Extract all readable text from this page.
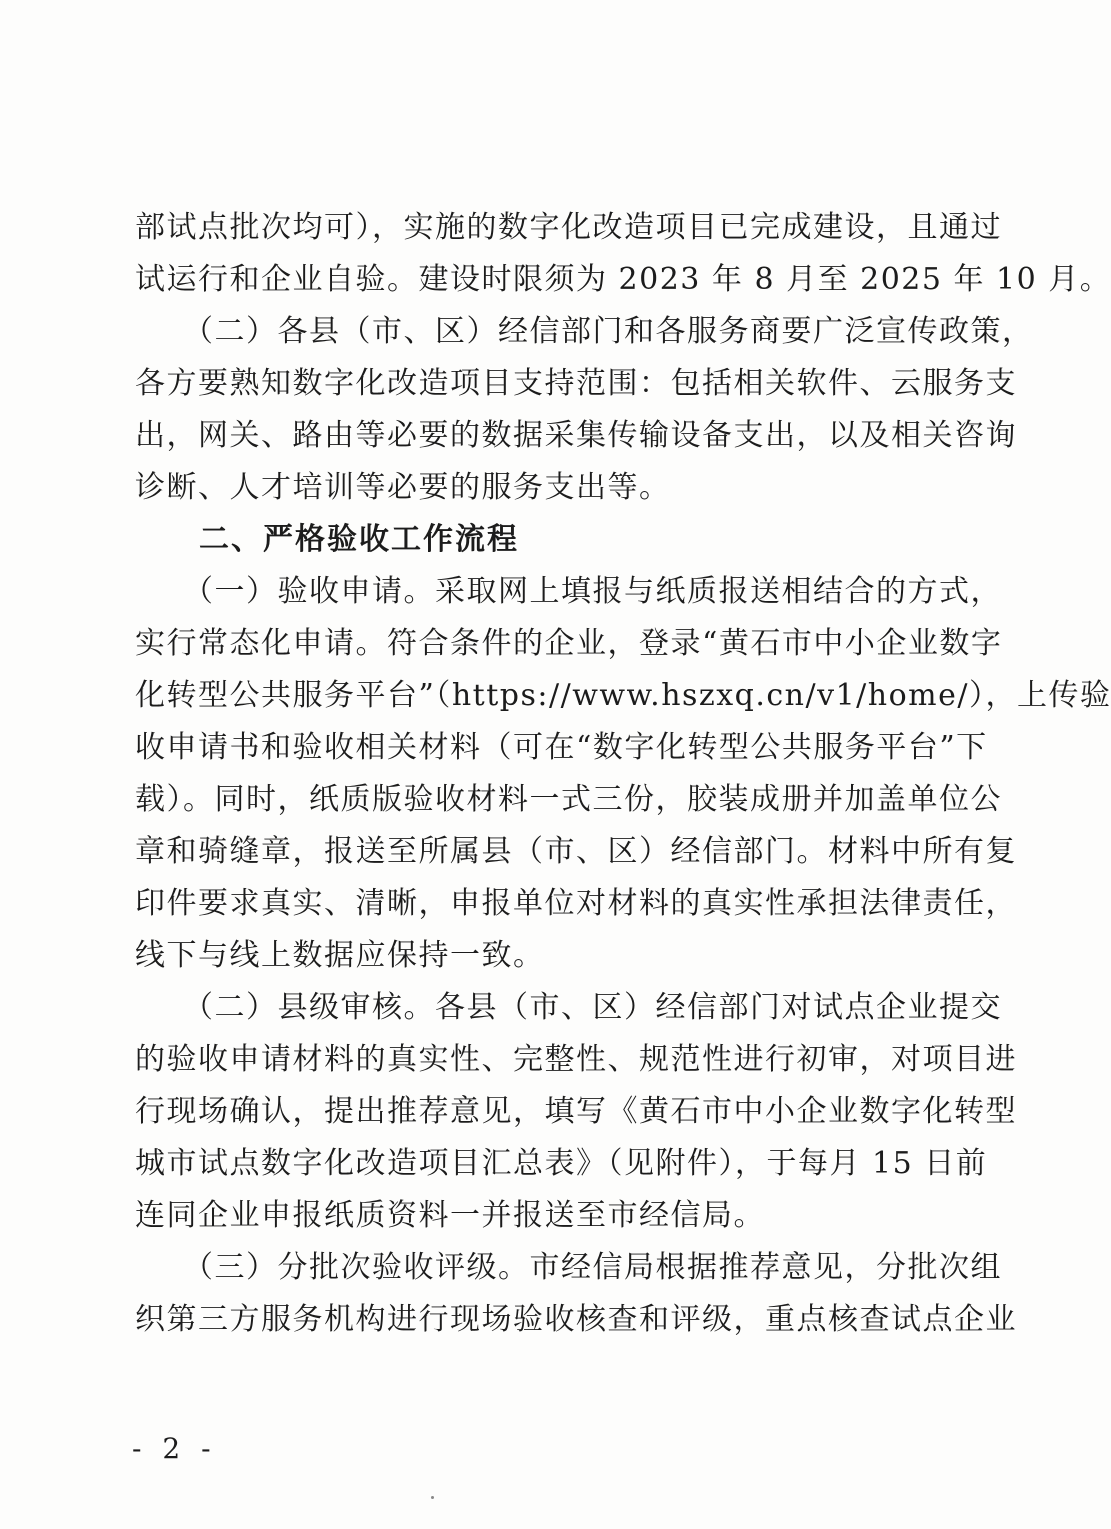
部试点批次均可），实施的数字化改造项目已完成建设，且通过
试运行和企业自验。建设时限须为 2023 年 8 月至 2025 年 10 月。
　　（二）各县（市、区）经信部门和各服务商要广泛宣传政策，
各方要熟知数字化改造项目支持范围：包括相关软件、云服务支
出，网关、路由等必要的数据采集传输设备支出，以及相关咨询
诊断、人才培训等必要的服务支出等。
　　二、严格验收工作流程
　　（一）验收申请。采取网上填报与纸质报送相结合的方式，
实行常态化申请。符合条件的企业，登录“黄石市中小企业数字
化转型公共服务平台”（https://www.hszxq.cn/v1/home/），上传验
收申请书和验收相关材料（可在“数字化转型公共服务平台”下
载）。同时，纸质版验收材料一式三份，胶装成册并加盖单位公
章和骑缝章，报送至所属县（市、区）经信部门。材料中所有复
印件要求真实、清晰，申报单位对材料的真实性承担法律责任，
线下与线上数据应保持一致。
　　（二）县级审核。各县（市、区）经信部门对试点企业提交
的验收申请材料的真实性、完整性、规范性进行初审，对项目进
行现场确认，提出推荐意见，填写《黄石市中小企业数字化转型
城市试点数字化改造项目汇总表》（见附件），于每月 15 日前
连同企业申报纸质资料一并报送至市经信局。
　　（三）分批次验收评级。市经信局根据推荐意见，分批次组
织第三方服务机构进行现场验收核查和评级，重点核查试点企业
- 2 -
